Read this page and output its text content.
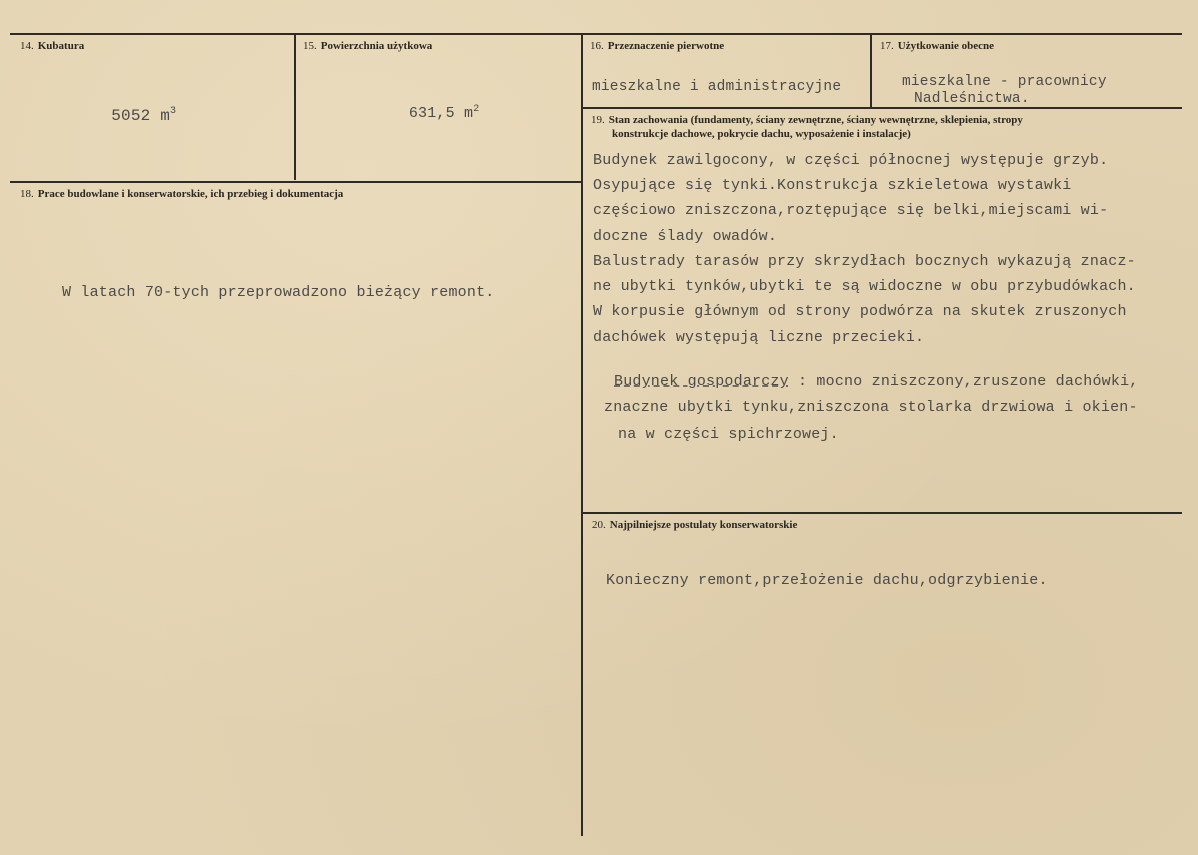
14. Kubatura

5052 $m^3$

15. Powierzchnia użytkowa

631,5 $m^2$

16. Przeznaczenie pierwotne
mieszkalne i administracyjne
17. Użytkowanie obecne
mieszkalne - pracownicy
Nadleśnictwa.
18. Prace budowlane i konserwatorskie, ich przebieg i dokumentacja
W latach 70-tych przeprowadzono bieżący remont.
19. Stan zachowania (fundamenty, ściany zewnętrzne, ściany wewnętrzne, sklepienia, stropy
konstrukcje dachowe, pokrycie dachu, wyposażenie i instalacje)
Budynek zawilgocony, w części północnej występuje grzyb.
Osypujące się tynki.Konstrukcja szkieletowa wystawki
częściowo zniszczona,roztępujące się belki,miejscami wi-
doczne ślady owadów.
Balustrady tarasów przy skrzydłach bocznych wykazują znacz-
ne ubytki tynków,ubytki te są widoczne w obu przybudówkach.
W korpusie głównym od strony podwórza na skutek zruszonych
dachówek występują liczne przecieki.
Budynek gospodarczy : mocno zniszczony,zruszone dachówki,
znaczne ubytki tynku,zniszczona stolarka drzwiowa i okien-
na w części spichrzowej.
20. Najpilniejsze postulaty konserwatorskie
Konieczny remont,przełożenie dachu,odgrzybienie.
